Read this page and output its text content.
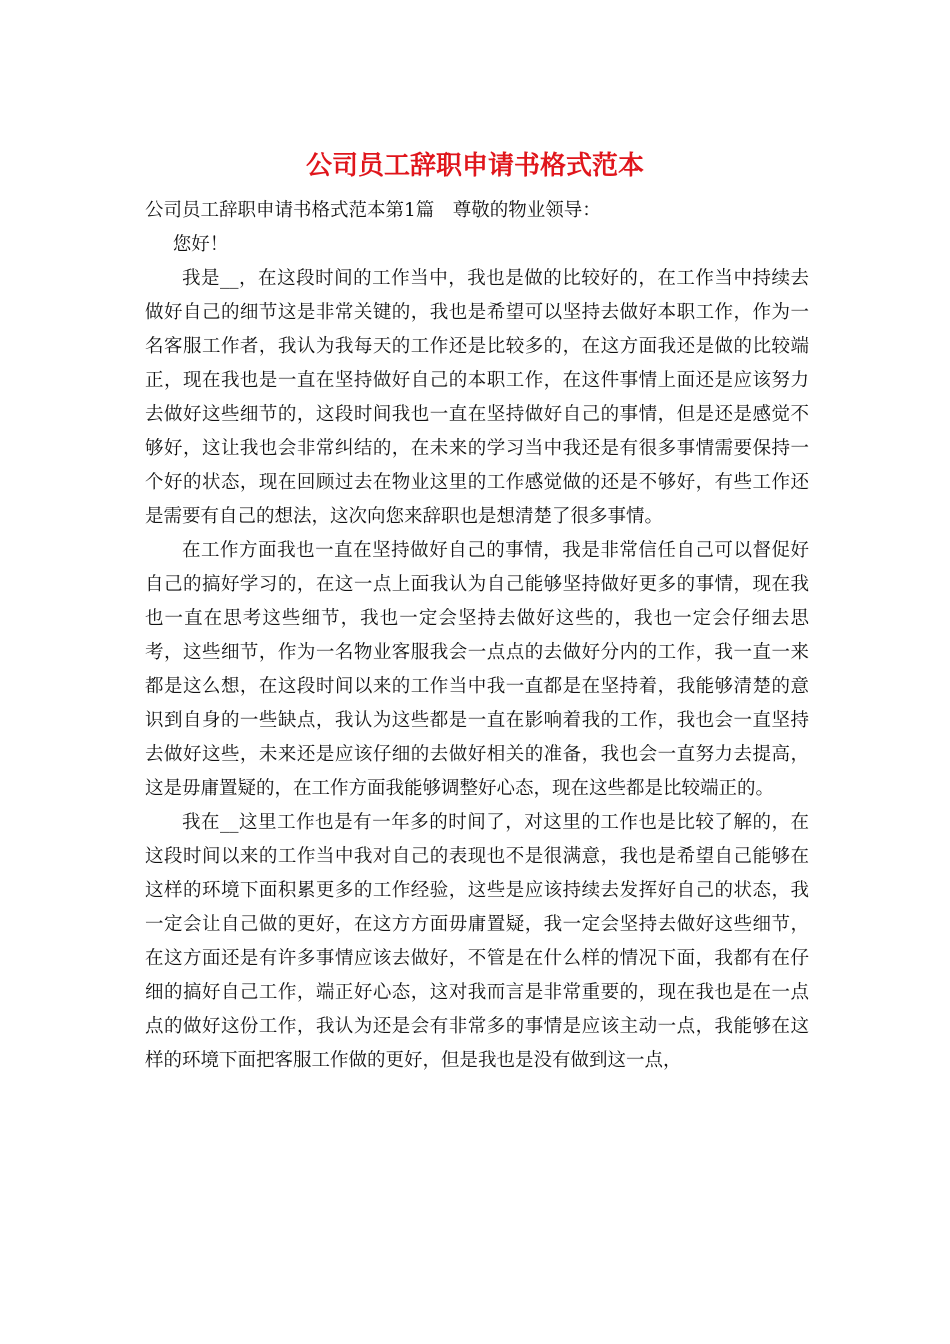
公司员工辞职申请书格式范本

公司员工辞职申请书格式范本第1篇　尊敬的物业领导：

您好！

我是__，在这段时间的工作当中，我也是做的比较好的，在工作当中持续去做好自己的细节这是非常关键的，我也是希望可以坚持去做好本职工作，作为一名客服工作者，我认为我每天的工作还是比较多的，在这方面我还是做的比较端正，现在我也是一直在坚持做好自己的本职工作，在这件事情上面还是应该努力去做好这些细节的，这段时间我也一直在坚持做好自己的事情，但是还是感觉不够好，这让我也会非常纠结的，在未来的学习当中我还是有很多事情需要保持一个好的状态，现在回顾过去在物业这里的工作感觉做的还是不够好，有些工作还是需要有自己的想法，这次向您来辞职也是想清楚了很多事情。

在工作方面我也一直在坚持做好自己的事情，我是非常信任自己可以督促好自己的搞好学习的，在这一点上面我认为自己能够坚持做好更多的事情，现在我也一直在思考这些细节，我也一定会坚持去做好这些的，我也一定会仔细去思考，这些细节，作为一名物业客服我会一点点的去做好分内的工作，我一直一来都是这么想，在这段时间以来的工作当中我一直都是在坚持着，我能够清楚的意识到自身的一些缺点，我认为这些都是一直在影响着我的工作，我也会一直坚持去做好这些，未来还是应该仔细的去做好相关的准备，我也会一直努力去提高，这是毋庸置疑的，在工作方面我能够调整好心态，现在这些都是比较端正的。

我在__这里工作也是有一年多的时间了，对这里的工作也是比较了解的，在这段时间以来的工作当中我对自己的表现也不是很满意，我也是希望自己能够在这样的环境下面积累更多的工作经验，这些是应该持续去发挥好自己的状态，我一定会让自己做的更好，在这方方面毋庸置疑，我一定会坚持去做好这些细节，在这方面还是有许多事情应该去做好，不管是在什么样的情况下面，我都有在仔细的搞好自己工作，端正好心态，这对我而言是非常重要的，现在我也是在一点点的做好这份工作，我认为还是会有非常多的事情是应该主动一点，我能够在这样的环境下面把客服工作做的更好，但是我也是没有做到这一点，
